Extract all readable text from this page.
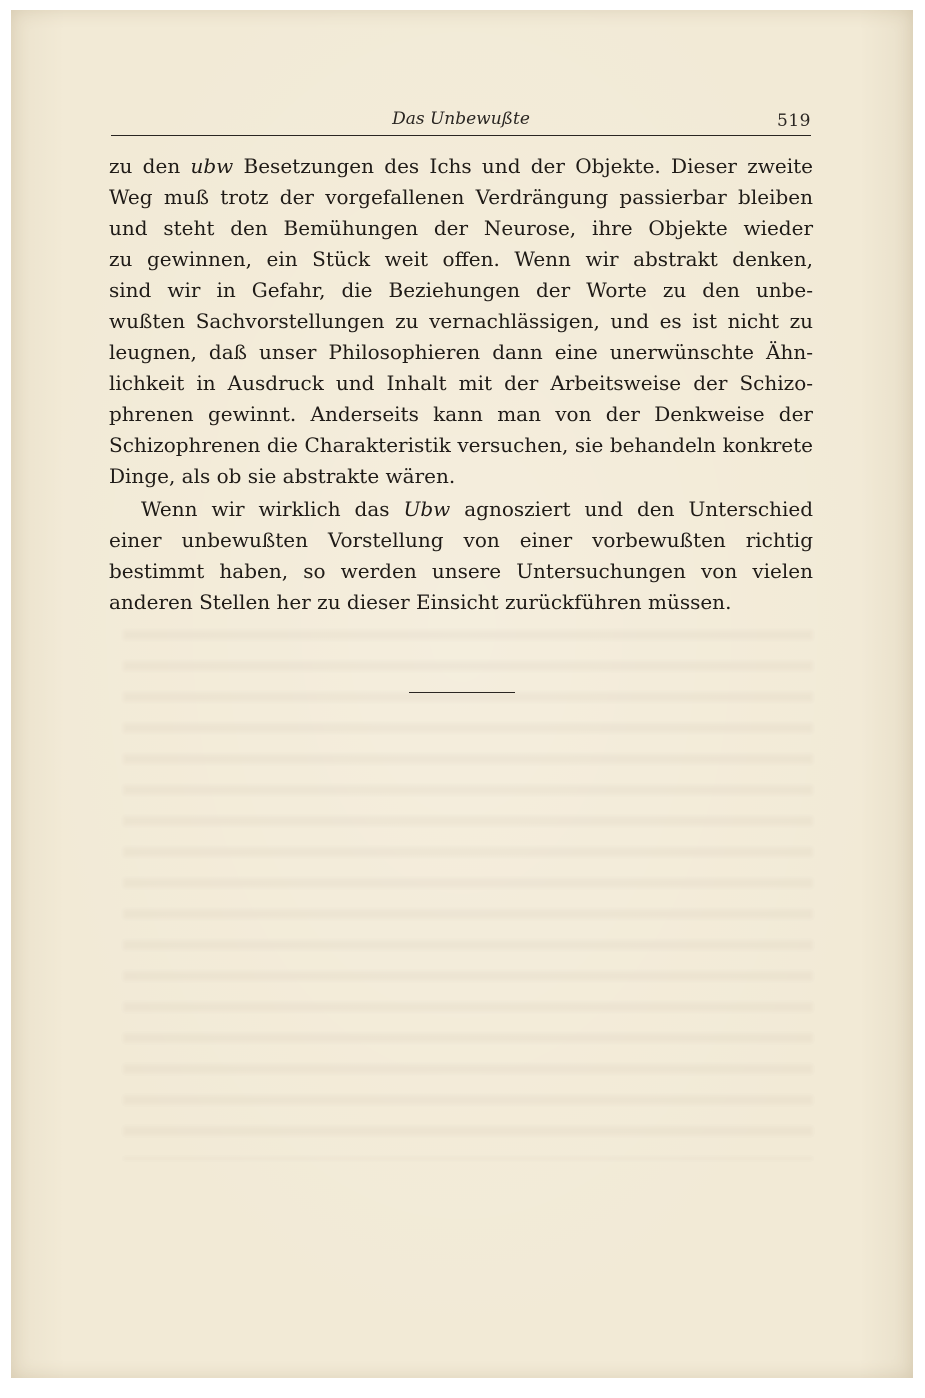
Das Unbewußte	519
zu den ubw Besetzungen des Ichs und der Objekte. Dieser zweite
Weg muß trotz der vorgefallenen Verdrängung passierbar bleiben
und steht den Bemühungen der Neurose, ihre Objekte wieder
zu gewinnen, ein Stück weit offen. Wenn wir abstrakt denken,
sind wir in Gefahr, die Beziehungen der Worte zu den unbe-
wußten Sachvorstellungen zu vernachlässigen, und es ist nicht zu
leugnen, daß unser Philosophieren dann eine unerwünschte Ähn-
lichkeit in Ausdruck und Inhalt mit der Arbeitsweise der Schizo-
phrenen gewinnt. Anderseits kann man von der Denkweise der
Schizophrenen die Charakteristik versuchen, sie behandeln konkrete
Dinge, als ob sie abstrakte wären.
Wenn wir wirklich das Ubw agnosziert und den Unterschied
einer unbewußten Vorstellung von einer vorbewußten richtig
bestimmt haben, so werden unsere Untersuchungen von vielen
anderen Stellen her zu dieser Einsicht zurückführen müssen.
